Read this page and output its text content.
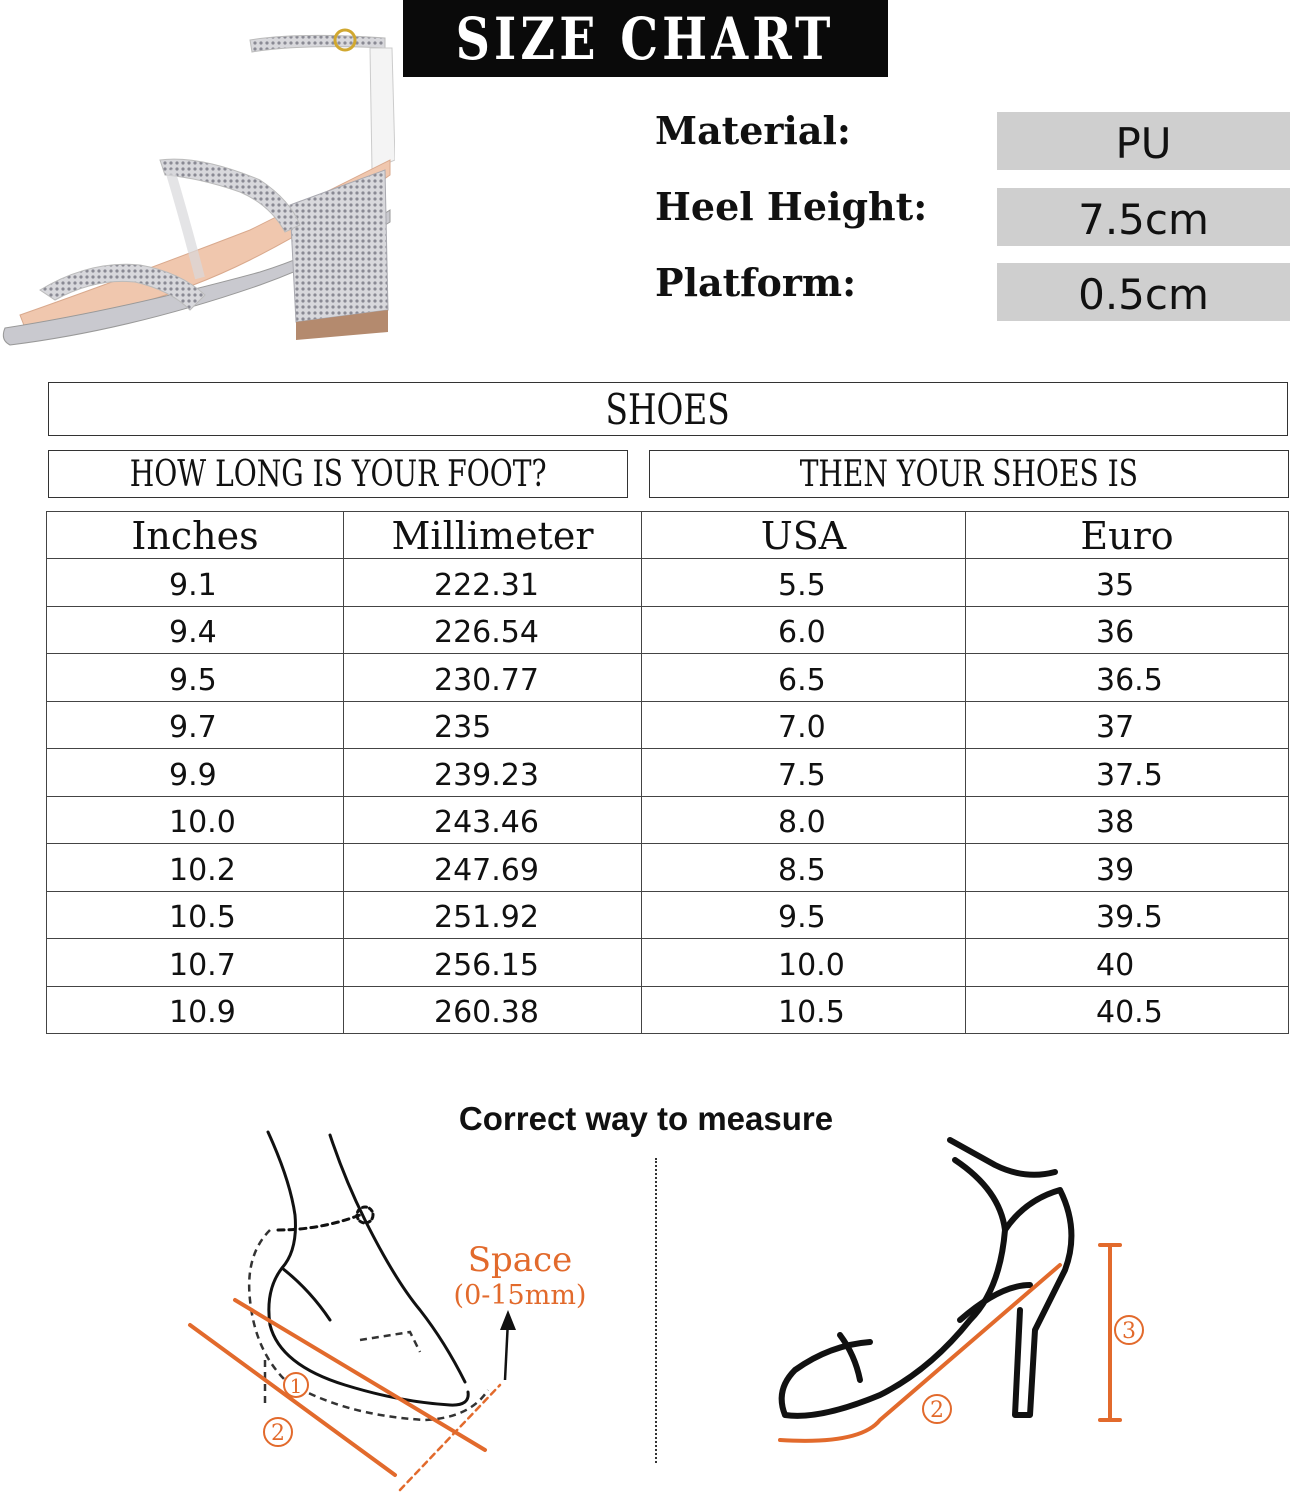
SIZE CHART
Material:	PU
Heel Height:	7.5cm
Platform:	0.5cm
SHOES
HOW LONG IS YOUR FOOT?	THEN YOUR SHOES IS
Inches	Millimeter	USA	Euro
9.1	222.31	5.5	35
9.4	226.54	6.0	36
9.5	230.77	6.5	36.5
9.7	235	7.0	37
9.9	239.23	7.5	37.5
10.0	243.46	8.0	38
10.2	247.69	8.5	39
10.5	251.92	9.5	39.5
10.7	256.15	10.0	40
10.9	260.38	10.5	40.5
Correct way to measure
1
2
Space
(0-15mm)
2
3
